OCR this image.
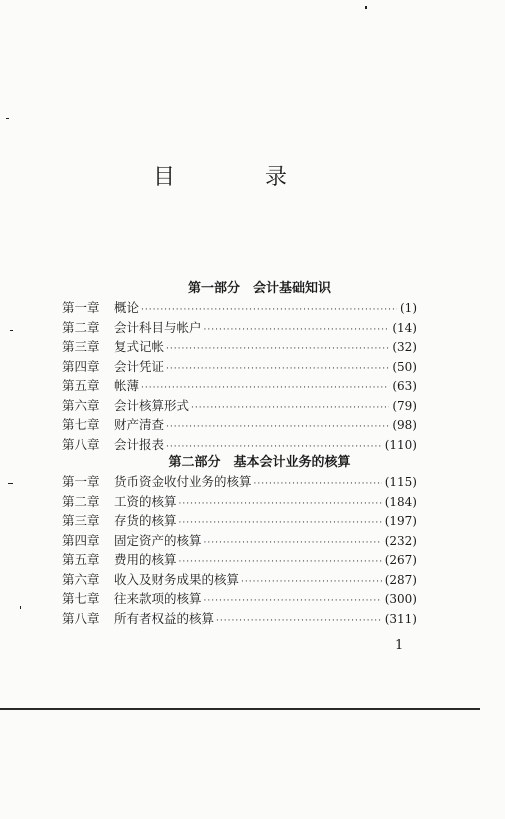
目　录
第一部分　会计基础知识
第一章	概论 ·····	(1)
第二章	会计科目与帐户 ·····	(14)
第三章	复式记帐 ·····	(32)
第四章	会计凭证 ·····	(50)
第五章	帐薄 ·····	(63)
第六章	会计核算形式 ·····	(79)
第七章	财产清查 ·····	(98)
第八章	会计报表 ·····	(110)
第二部分　基本会计业务的核算
第一章	货币资金收付业务的核算 ·····	(115)
第二章	工资的核算 ·····	(184)
第三章	存货的核算 ·····	(197)
第四章	固定资产的核算 ·····	(232)
第五章	费用的核算 ·····	(267)
第六章	收入及财务成果的核算 ·····	(287)
第七章	往来款项的核算 ·····	(300)
第八章	所有者权益的核算 ·····	(311)
1
